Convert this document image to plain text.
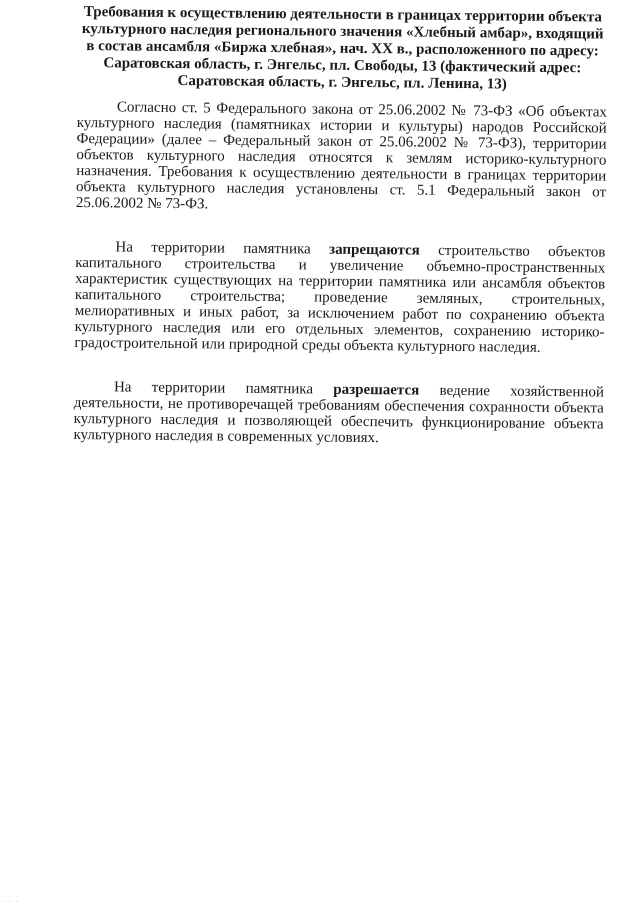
Требования к осуществлению деятельности в границах территории объекта культурного наследия регионального значения «Хлебный амбар», входящий в состав ансамбля «Биржа хлебная», нач. XX в., расположенного по адресу: Саратовская область, г. Энгельс, пл. Свободы, 13 (фактический адрес: Саратовская область, г. Энгельс, пл. Ленина, 13)

Согласно ст. 5 Федерального закона от 25.06.2002 № 73-ФЗ «Об объектах культурного наследия (памятниках истории и культуры) народов Российской Федерации» (далее – Федеральный закон от 25.06.2002 № 73-ФЗ), территории объектов культурного наследия относятся к землям историко-культурного назначения. Требования к осуществлению деятельности в границах территории объекта культурного наследия установлены ст. 5.1 Федеральный закон от 25.06.2002 № 73-ФЗ.

На территории памятника запрещаются строительство объектов капитального строительства и увеличение объемно-пространственных характеристик существующих на территории памятника или ансамбля объектов капитального строительства; проведение земляных, строительных, мелиоративных и иных работ, за исключением работ по сохранению объекта культурного наследия или его отдельных элементов, сохранению историко-градостроительной или природной среды объекта культурного наследия.

На территории памятника разрешается ведение хозяйственной деятельности, не противоречащей требованиям обеспечения сохранности объекта культурного наследия и позволяющей обеспечить функционирование объекта культурного наследия в современных условиях.

. . .
